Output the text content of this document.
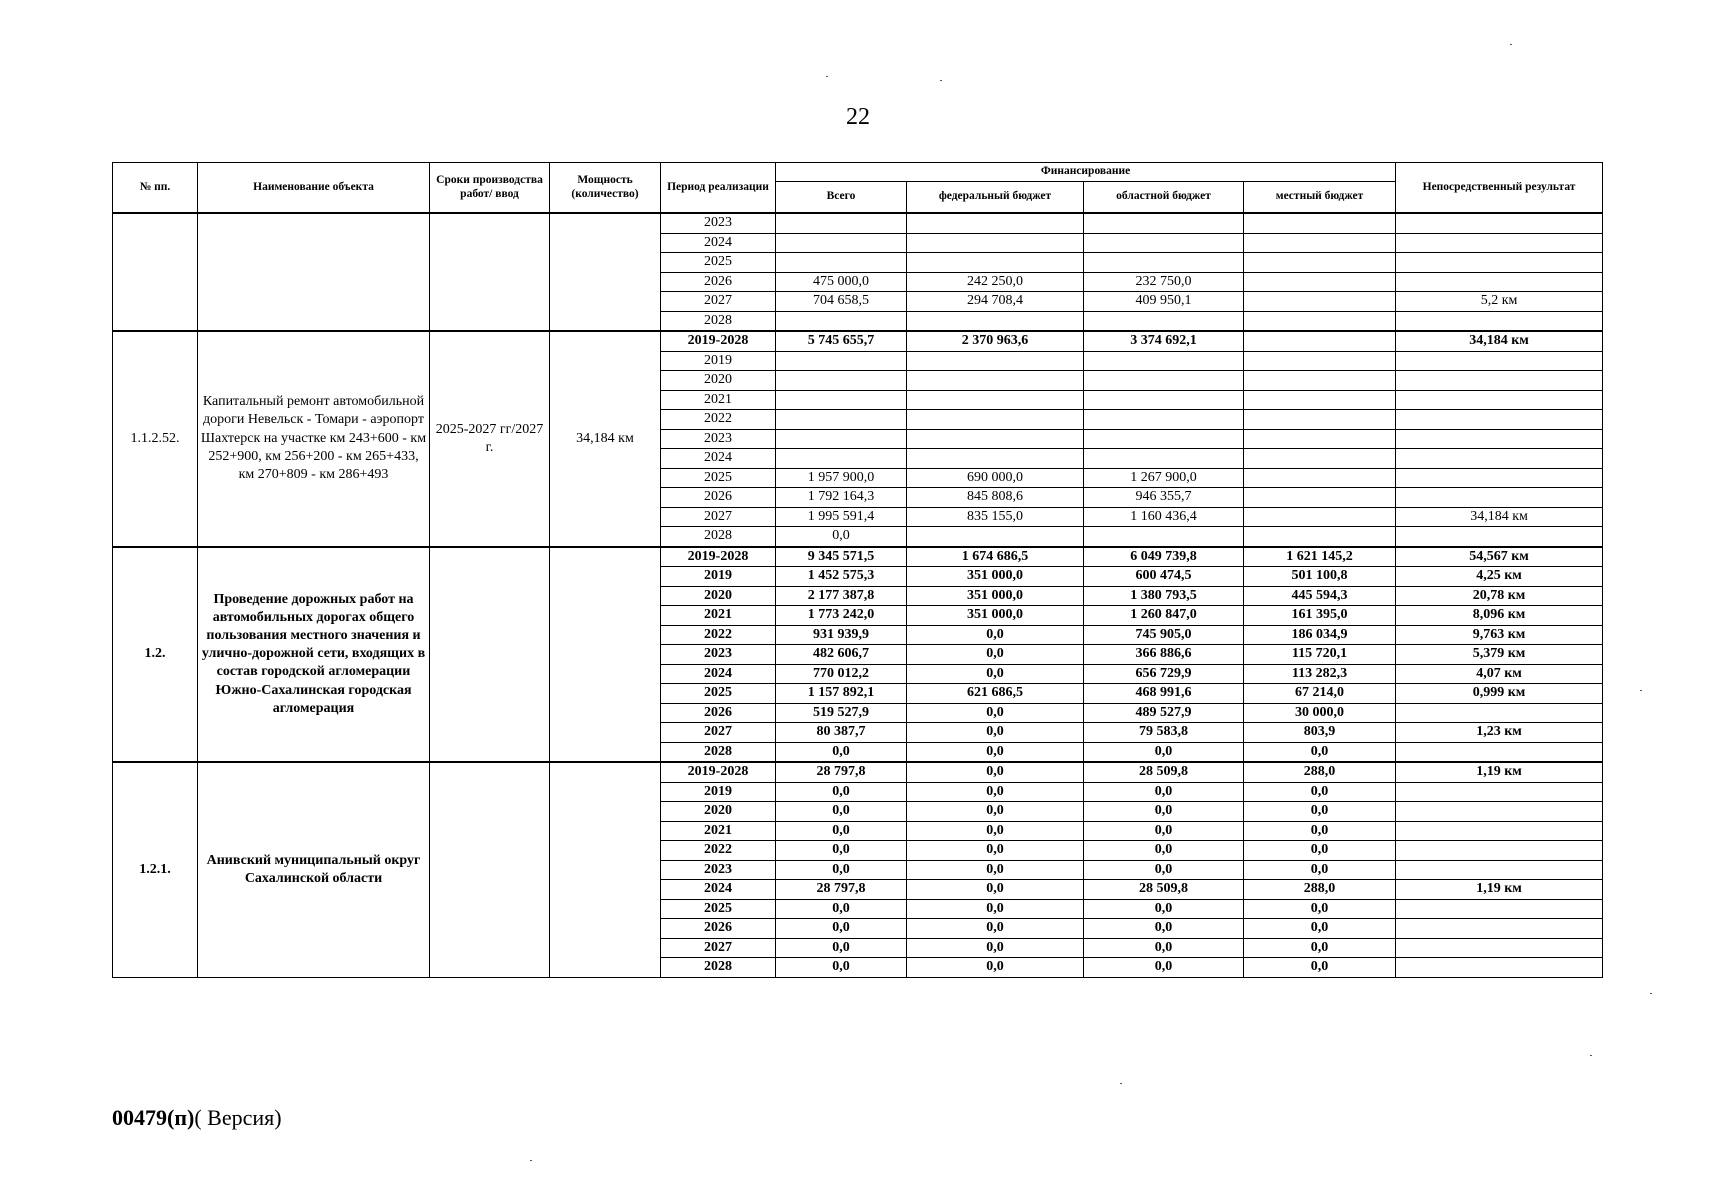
22
№ пп.	Наименование объекта	Сроки производства работ/ ввод	Мощность (количество)	Период реализации	Финансирование				Непосредственный результат
					Всего	федеральный бюджет	областной бюджет	местный бюджет	
				2023					
				2024					
				2025					
				2026	475 000,0	242 250,0	232 750,0		
				2027	704 658,5	294 708,4	409 950,1		5,2 км
				2028					
1.1.2.52.	Капитальный ремонт автомобильной дороги Невельск - Томари - аэропорт Шахтерск на участке км 243+600 - км 252+900, км 256+200 - км 265+433, км 270+809 - км 286+493	2025-2027 гг/2027 г.	34,184 км	2019-2028	5 745 655,7	2 370 963,6	3 374 692,1		34,184 км
				2019					
				2020					
				2021					
				2022					
				2023					
				2024					
				2025	1 957 900,0	690 000,0	1 267 900,0		
				2026	1 792 164,3	845 808,6	946 355,7		
				2027	1 995 591,4	835 155,0	1 160 436,4		34,184 км
				2028	0,0				
1.2.	Проведение дорожных работ на автомобильных дорогах общего пользования местного значения и улично-дорожной сети, входящих в состав городской агломерации Южно-Сахалинская городская агломерация			2019-2028	9 345 571,5	1 674 686,5	6 049 739,8	1 621 145,2	54,567 км
				2019	1 452 575,3	351 000,0	600 474,5	501 100,8	4,25 км
				2020	2 177 387,8	351 000,0	1 380 793,5	445 594,3	20,78 км
				2021	1 773 242,0	351 000,0	1 260 847,0	161 395,0	8,096 км
				2022	931 939,9	0,0	745 905,0	186 034,9	9,763 км
				2023	482 606,7	0,0	366 886,6	115 720,1	5,379 км
				2024	770 012,2	0,0	656 729,9	113 282,3	4,07 км
				2025	1 157 892,1	621 686,5	468 991,6	67 214,0	0,999 км
				2026	519 527,9	0,0	489 527,9	30 000,0	
				2027	80 387,7	0,0	79 583,8	803,9	1,23 км
				2028	0,0	0,0	0,0	0,0	
1.2.1.	Анивский муниципальный округ Сахалинской области			2019-2028	28 797,8	0,0	28 509,8	288,0	1,19 км
				2019	0,0	0,0	0,0	0,0	
				2020	0,0	0,0	0,0	0,0	
				2021	0,0	0,0	0,0	0,0	
				2022	0,0	0,0	0,0	0,0	
				2023	0,0	0,0	0,0	0,0	
				2024	28 797,8	0,0	28 509,8	288,0	1,19 км
				2025	0,0	0,0	0,0	0,0	
				2026	0,0	0,0	0,0	0,0	
				2027	0,0	0,0	0,0	0,0	
				2028	0,0	0,0	0,0	0,0	
00479(п)( Версия)
